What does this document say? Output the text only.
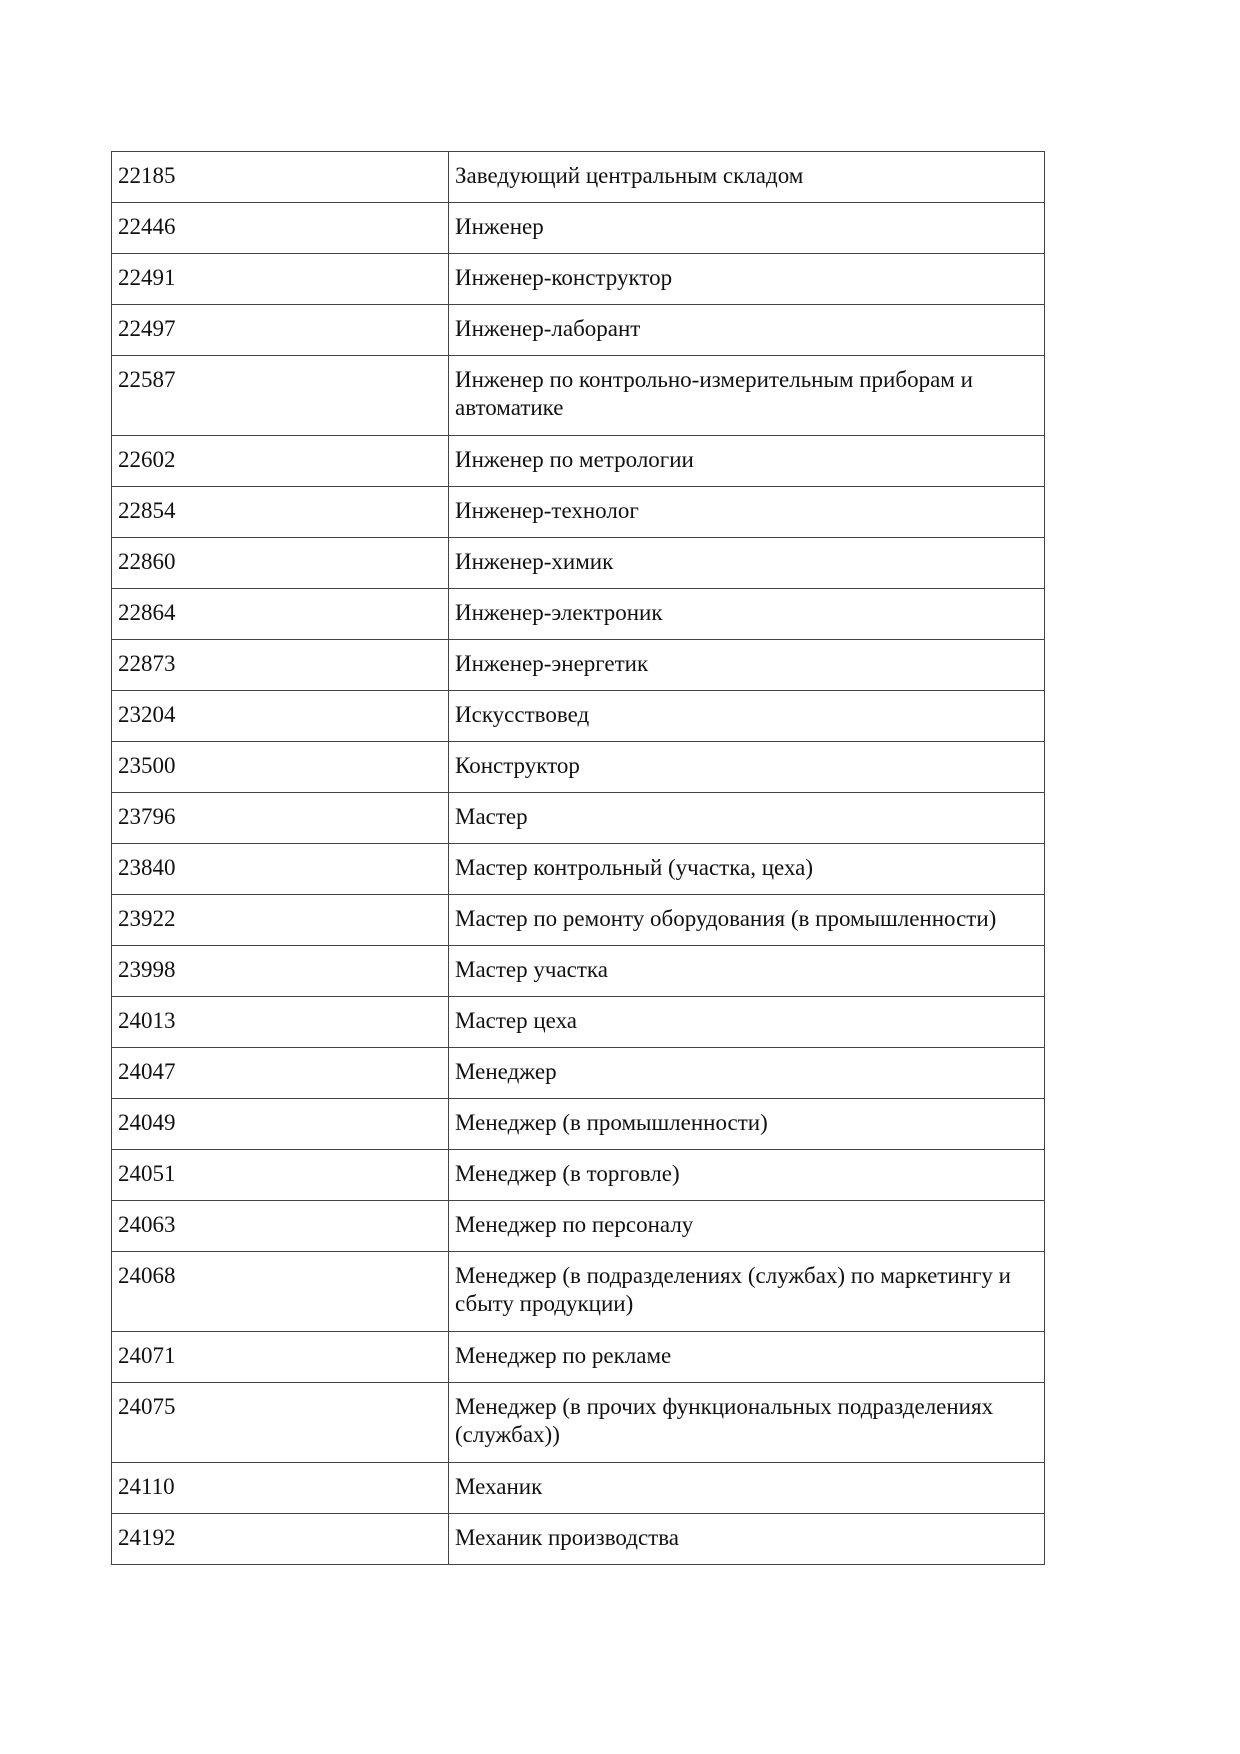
22185	Заведующий центральным складом
22446	Инженер
22491	Инженер-конструктор
22497	Инженер-лаборант
22587	Инженер по контрольно-измерительным приборам и автоматике
22602	Инженер по метрологии
22854	Инженер-технолог
22860	Инженер-химик
22864	Инженер-электроник
22873	Инженер-энергетик
23204	Искусствовед
23500	Конструктор
23796	Мастер
23840	Мастер контрольный (участка, цеха)
23922	Мастер по ремонту оборудования (в промышленности)
23998	Мастер участка
24013	Мастер цеха
24047	Менеджер
24049	Менеджер (в промышленности)
24051	Менеджер (в торговле)
24063	Менеджер по персоналу
24068	Менеджер (в подразделениях (службах) по маркетингу и сбыту продукции)
24071	Менеджер по рекламе
24075	Менеджер (в прочих функциональных подразделениях (службах))
24110	Механик
24192	Механик производства
